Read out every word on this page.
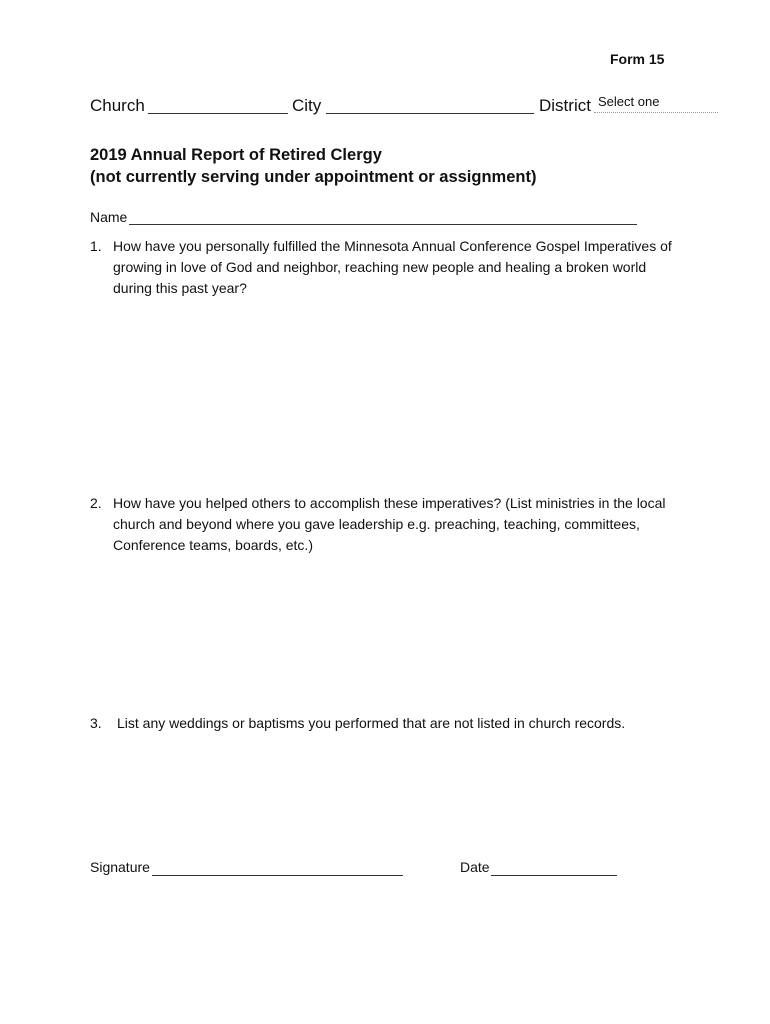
Form 15
Church	City	District Select one
2019 Annual Report of Retired Clergy
(not currently serving under appointment or assignment)
Name
1. How have you personally fulfilled the Minnesota Annual Conference Gospel Imperatives of growing in love of God and neighbor, reaching new people and healing a broken world during this past year?
2. How have you helped others to accomplish these imperatives? (List ministries in the local church and beyond where you gave leadership e.g. preaching, teaching, committees, Conference teams, boards, etc.)
3. List any weddings or baptisms you performed that are not listed in church records.
Signature	Date
